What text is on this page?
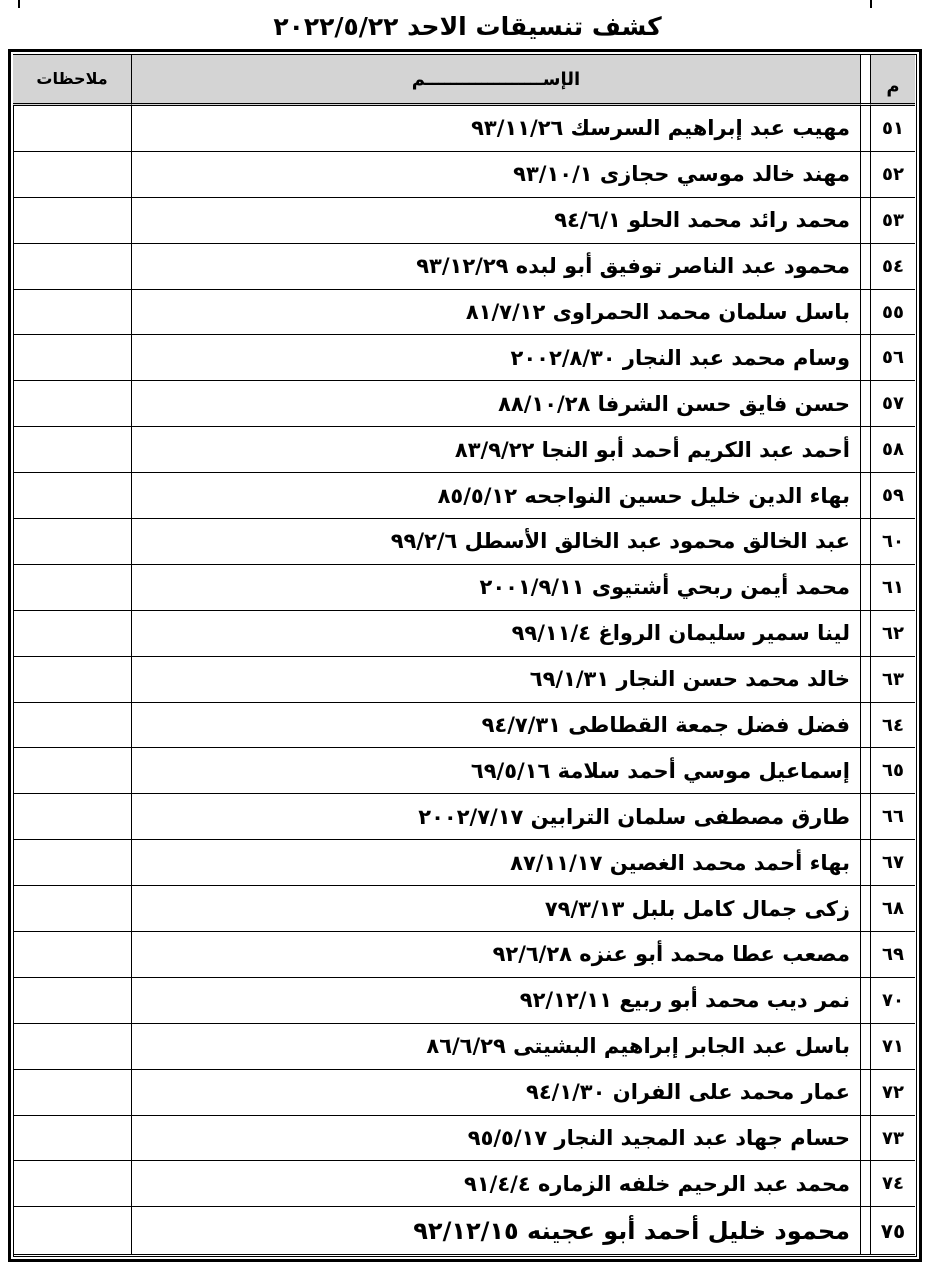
كشف تنسيقات الاحد ٢٠٢٢/٥/٢٢
م		الإســـــــــــــــــــم	ملاحظات
٥١		مهيب عبد إبراهيم السرسك ٩٣/١١/٢٦	
٥٢		مهند خالد موسي حجازى ٩٣/١٠/١	
٥٣		محمد رائد محمد الحلو ٩٤/٦/١	
٥٤		محمود عبد الناصر توفيق أبو لبده ٩٣/١٢/٢٩	
٥٥		باسل سلمان محمد الحمراوى ٨١/٧/١٢	
٥٦		وسام محمد عبد النجار ٢٠٠٢/٨/٣٠	
٥٧		حسن فايق حسن الشرفا ٨٨/١٠/٢٨	
٥٨		أحمد عبد الكريم أحمد أبو النجا ٨٣/٩/٢٢	
٥٩		بهاء الدين خليل حسين النواجحه ٨٥/٥/١٢	
٦٠		عبد الخالق محمود عبد الخالق الأسطل ٩٩/٢/٦	
٦١		محمد أيمن ربحي أشتيوى ٢٠٠١/٩/١١	
٦٢		لينا سمير سليمان الرواغ ٩٩/١١/٤	
٦٣		خالد محمد حسن النجار ٦٩/١/٣١	
٦٤		فضل فضل جمعة القطاطى ٩٤/٧/٣١	
٦٥		إسماعيل موسي أحمد سلامة ٦٩/٥/١٦	
٦٦		طارق مصطفى سلمان الترابين ٢٠٠٢/٧/١٧	
٦٧		بهاء أحمد محمد الغصين ٨٧/١١/١٧	
٦٨		زكى جمال كامل بلبل ٧٩/٣/١٣	
٦٩		مصعب عطا محمد أبو عنزه ٩٢/٦/٢٨	
٧٠		نمر ديب محمد أبو ربيع ٩٢/١٢/١١	
٧١		باسل عبد الجابر إبراهيم البشيتى ٨٦/٦/٢٩	
٧٢		عمار محمد على الفران ٩٤/١/٣٠	
٧٣		حسام جهاد عبد المجيد النجار ٩٥/٥/١٧	
٧٤		محمد عبد الرحيم خلفه الزماره ٩١/٤/٤	
٧٥		محمود خليل أحمد أبو عجينه ٩٢/١٢/١٥	
